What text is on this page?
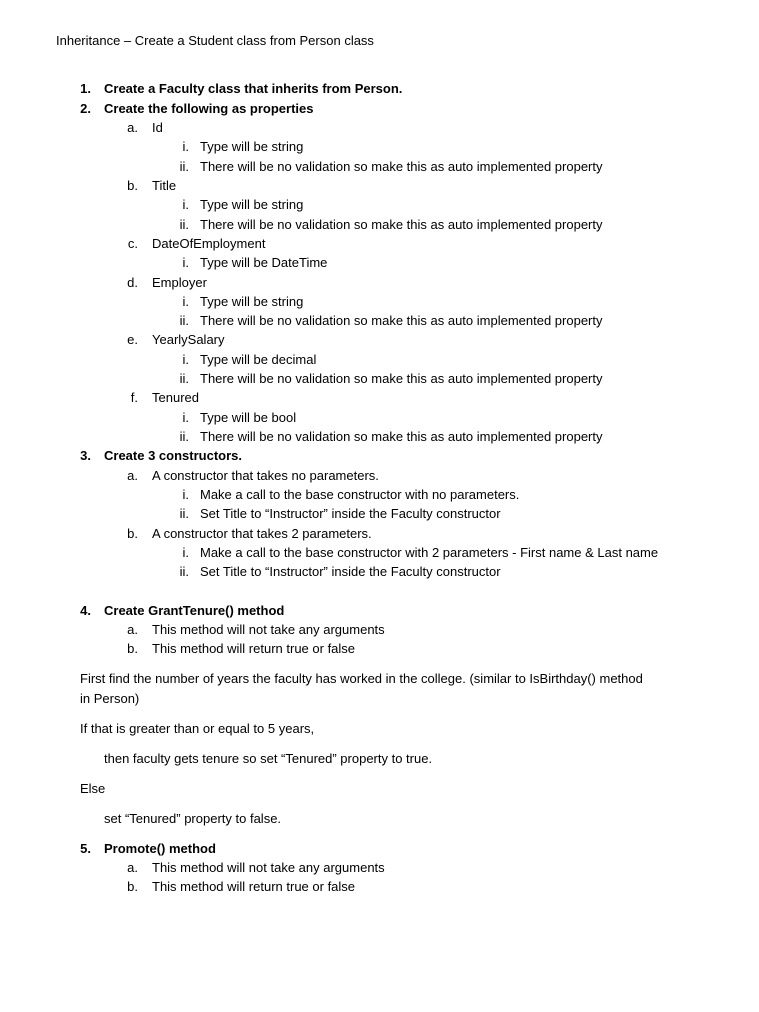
Inheritance – Create a Student class from Person class
1. Create a Faculty class that inherits from Person.
2. Create the following as properties
a. Id
i. Type will be string
ii. There will be no validation so make this as auto implemented property
b. Title
i. Type will be string
ii. There will be no validation so make this as auto implemented property
c. DateOfEmployment
i. Type will be DateTime
d. Employer
i. Type will be string
ii. There will be no validation so make this as auto implemented property
e. YearlySalary
i. Type will be decimal
ii. There will be no validation so make this as auto implemented property
f. Tenured
i. Type will be bool
ii. There will be no validation so make this as auto implemented property
3. Create 3 constructors.
a. A constructor that takes no parameters.
i. Make a call to the base constructor with no parameters.
ii. Set Title to “Instructor” inside the Faculty constructor
b. A constructor that takes 2 parameters.
i. Make a call to the base constructor with 2 parameters - First name & Last name
ii. Set Title to “Instructor” inside the Faculty constructor
4. Create GrantTenure() method
a. This method will not take any arguments
b. This method will return true or false
First find the number of years the faculty has worked in the college. (similar to IsBirthday() method
in Person)
If that is greater than or equal to 5 years,
then faculty gets tenure so set “Tenured” property to true.
Else
set “Tenured” property to false.
5. Promote() method
a. This method will not take any arguments
b. This method will return true or false
